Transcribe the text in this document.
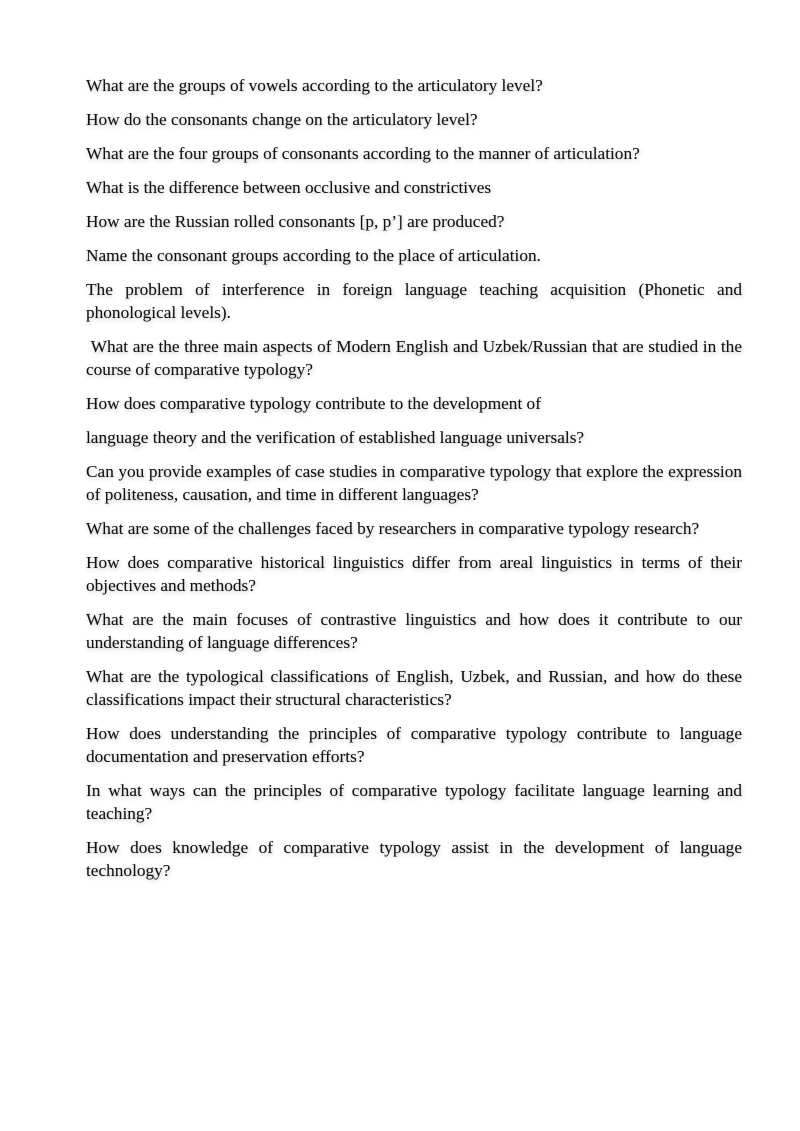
What are the groups of vowels according to the articulatory level?

How do the consonants change on the articulatory level?

What are the four groups of consonants according to the manner of articulation?

What is the difference between occlusive and constrictives

How are the Russian rolled consonants [p, p’] are produced?

Name the consonant groups according to the place of articulation.

The problem of interference in foreign language teaching acquisition (Phonetic and phonological levels).

What are the three main aspects of Modern English and Uzbek/Russian that are studied in the course of comparative typology?

How does comparative typology contribute to the development of

language theory and the verification of established language universals?

Can you provide examples of case studies in comparative typology that explore the expression of politeness, causation, and time in different languages?

What are some of the challenges faced by researchers in comparative typology research?

How does comparative historical linguistics differ from areal linguistics in terms of their objectives and methods?

What are the main focuses of contrastive linguistics and how does it contribute to our understanding of language differences?

What are the typological classifications of English, Uzbek, and Russian, and how do these classifications impact their structural characteristics?

How does understanding the principles of comparative typology contribute to language documentation and preservation efforts?

In what ways can the principles of comparative typology facilitate language learning and teaching?

How does knowledge of comparative typology assist in the development of language technology?
